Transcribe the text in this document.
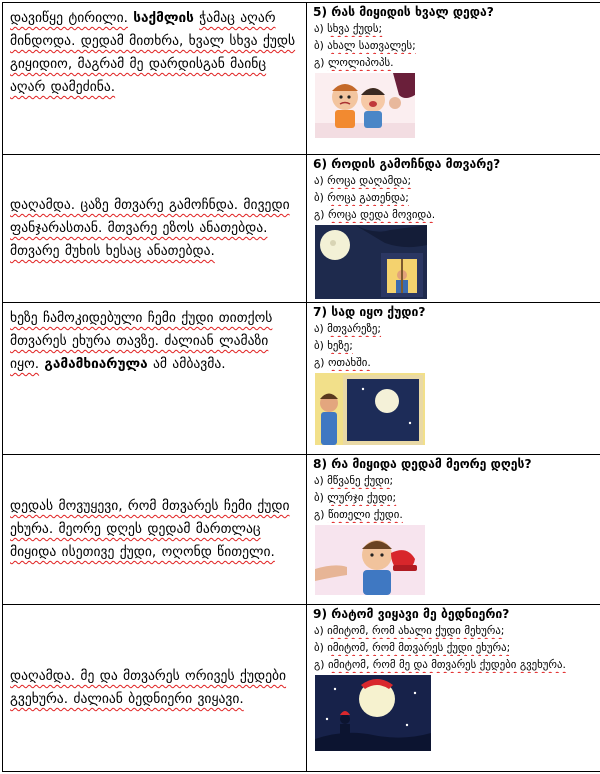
დავიწყე ტირილი. საქმლის ჭამაც აღარ მინდოდა. დედამ მითხრა, ხვალ სხვა ქუდს გიყიდიო, მაგრამ მე დარდისგან მაინც აღარ დამეძინა.	5) რას მიყიდის ხვალ დედა?
ა) სხვა ქუდს;
ბ) ახალ სათვალეს;
გ) ლოლიპოპს.

დაღამდა. ცაზე მთვარე გამოჩნდა. მივედი ფანჯარასთან. მთვარე ეზოს ანათებდა. მთვარე მუხის ხესაც ანათებდა.	6) როდის გამოჩნდა მთვარე?
ა) როცა დაღამდა;
ბ) როცა გათენდა;
გ) როცა დედა მოვიდა.

ხეზე ჩამოკიდებული ჩემი ქუდი თითქოს მთვარეს ეხურა თავზე. ძალიან ლამაზი იყო. გამამხიარულა ამ ამბავმა.	7) სად იყო ქუდი?
ა) მთვარეზე;
ბ) ხეზე;
გ) ოთახში.

დედას მოვუყევი, რომ მთვარეს ჩემი ქუდი ეხურა. მეორე დღეს დედამ მართლაც მიყიდა ისეთივე ქუდი, ოღონდ წითელი.	8) რა მიყიდა დედამ მეორე დღეს?
ა) მწვანე ქუდი;
ბ) ლურჯი ქუდი;
გ) წითელი ქუდი.

დაღამდა. მე და მთვარეს ორივეს ქუდები გვეხურა. ძალიან ბედნიერი ვიყავი.	9) რატომ ვიყავი მე ბედნიერი?
ა) იმიტომ, რომ ახალი ქუდი მეხურა;
ბ) იმიტომ, რომ მთვარეს ქუდი ეხურა;
გ) იმიტომ, რომ მე და მთვარეს ქუდები გვეხურა.
